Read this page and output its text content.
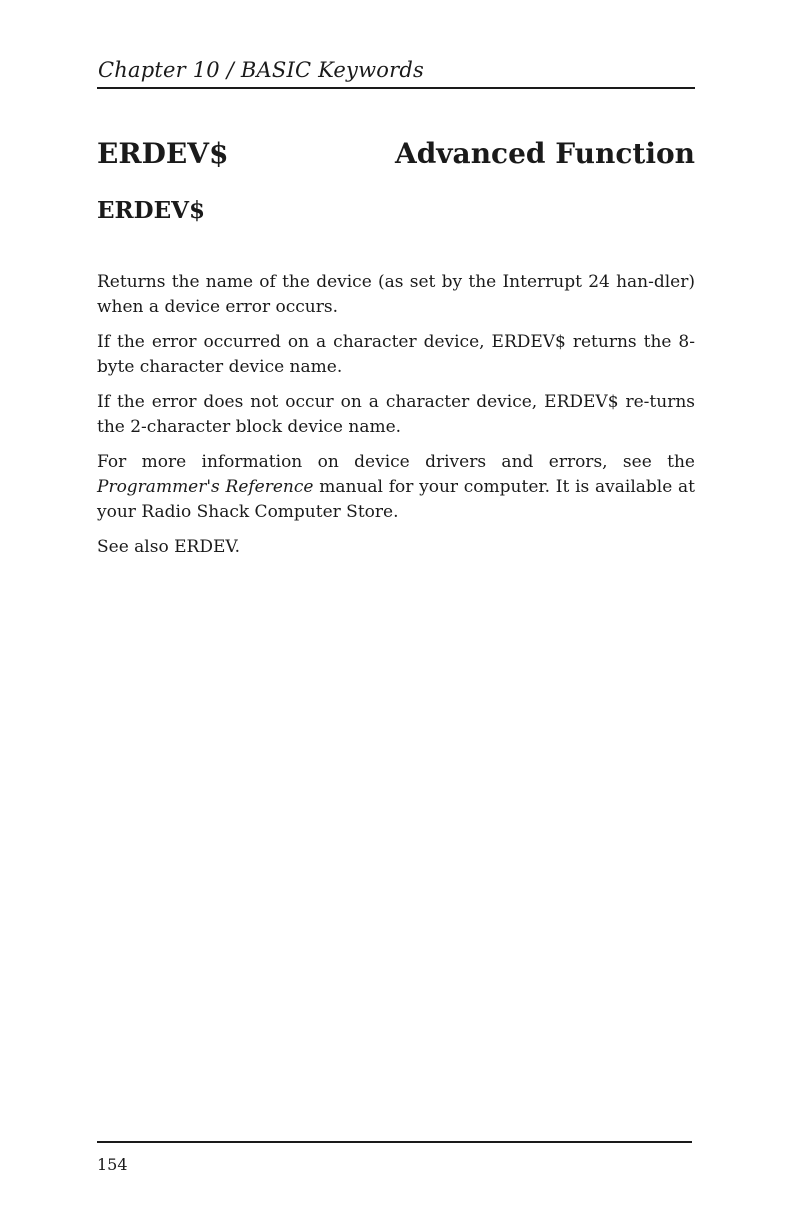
Chapter 10 / BASIC Keywords
ERDEV$	Advanced Function
ERDEV$

Returns the name of the device (as set by the Interrupt 24 han-dler) when a device error occurs.

If the error occurred on a character device, ERDEV$ returns the 8-byte character device name.

If the error does not occur on a character device, ERDEV$ re-turns the 2-character block device name.

For more information on device drivers and errors, see the Programmer's Reference manual for your computer. It is available at your Radio Shack Computer Store.

See also ERDEV.

154
